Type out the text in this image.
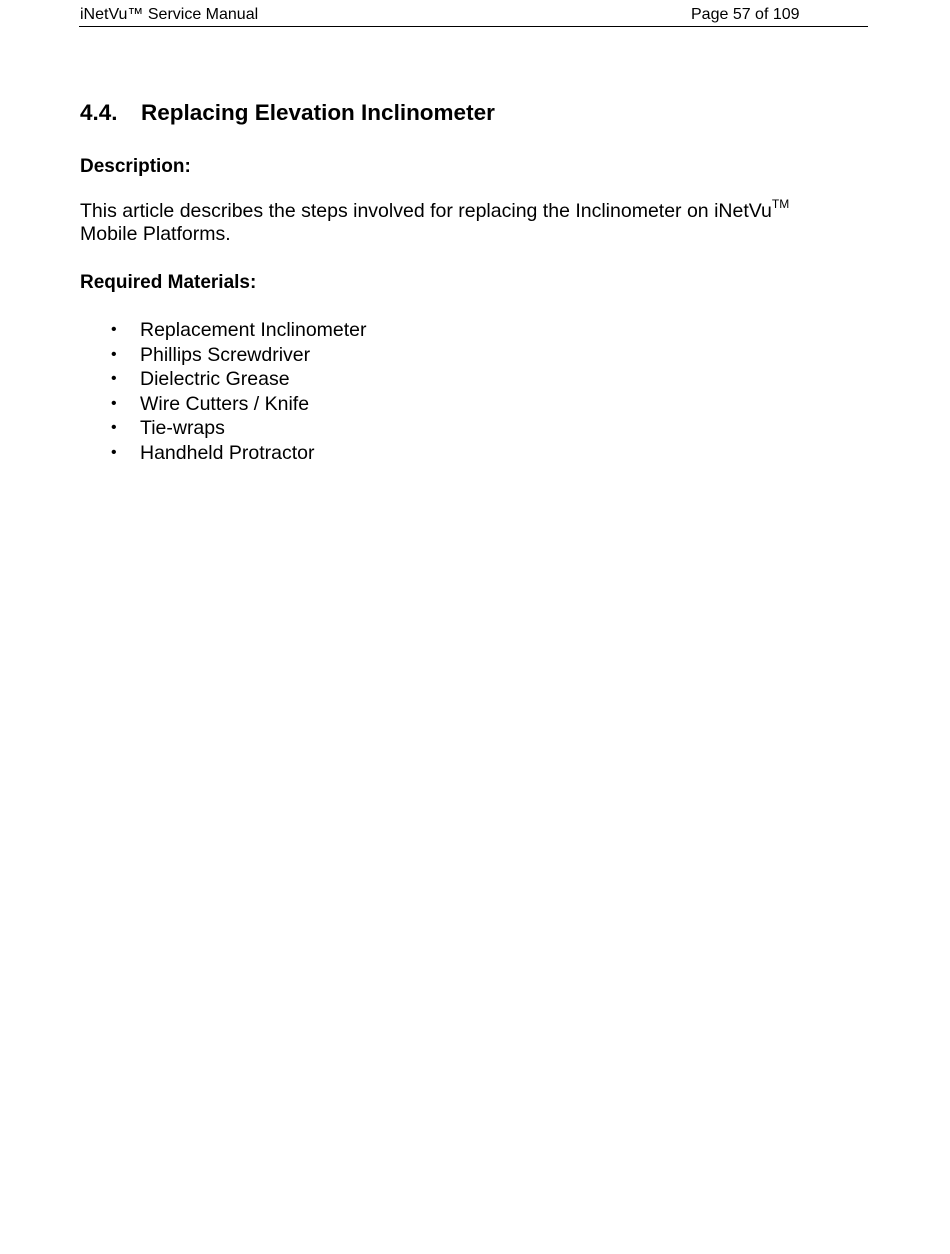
iNetVu™ Service Manual	Page 57 of 109
4.4. Replacing Elevation Inclinometer
Description:

This article describes the steps involved for replacing the Inclinometer on iNetVu™
Mobile Platforms.

Required Materials:
• Replacement Inclinometer
• Phillips Screwdriver
• Dielectric Grease
• Wire Cutters / Knife
• Tie-wraps
• Handheld Protractor
